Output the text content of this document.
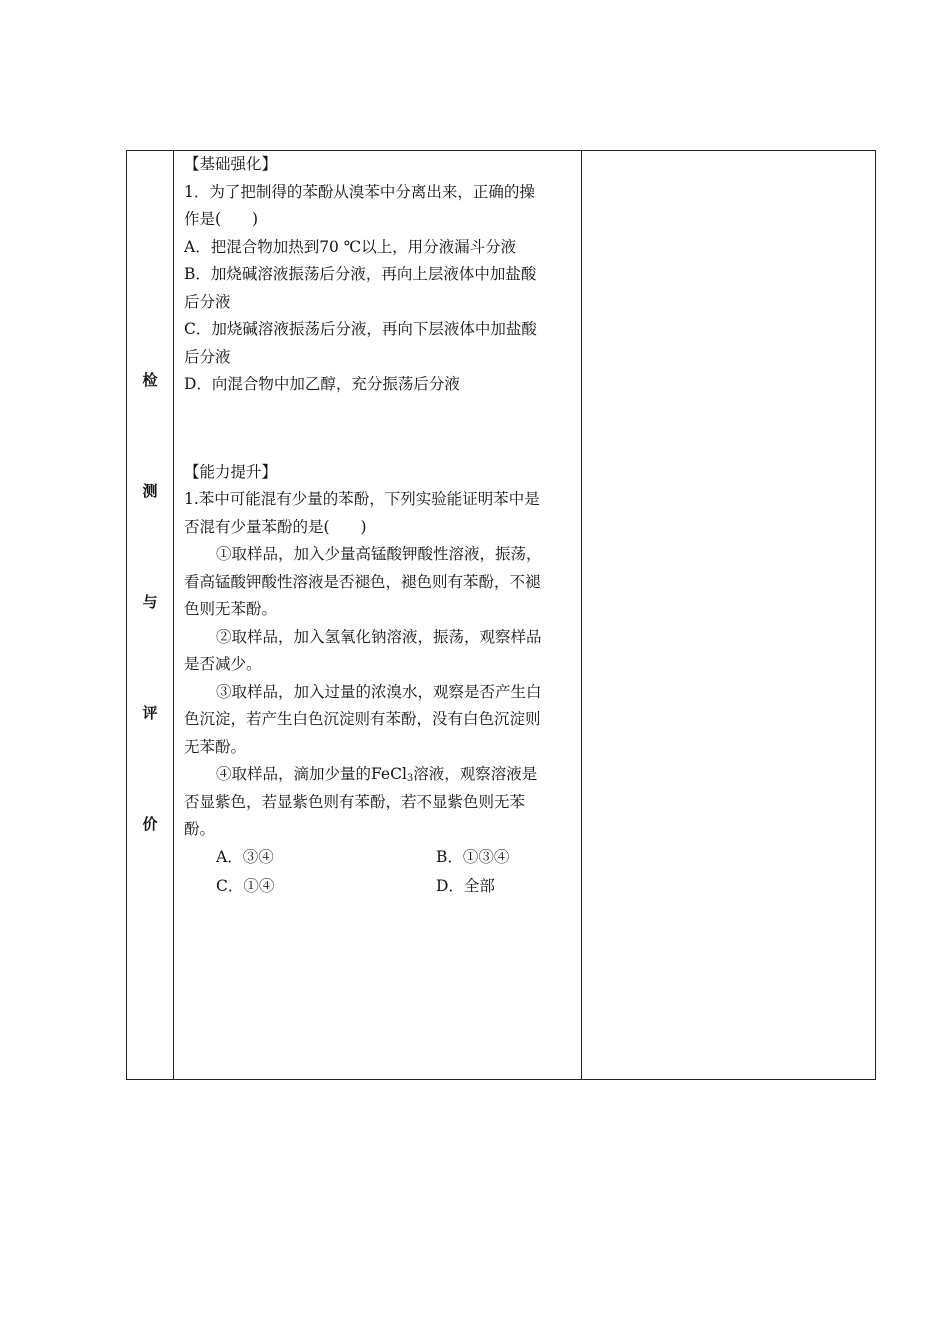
检
测
与
评
价
【基础强化】
1．为了把制得的苯酚从溴苯中分离出来，正确的操
作是(　　)
A．把混合物加热到70 ℃以上，用分液漏斗分液
B．加烧碱溶液振荡后分液，再向上层液体中加盐酸
后分液
C．加烧碱溶液振荡后分液，再向下层液体中加盐酸
后分液
D．向混合物中加乙醇，充分振荡后分液
【能力提升】
1.苯中可能混有少量的苯酚，下列实验能证明苯中是
否混有少量苯酚的是(　　)
①取样品，加入少量高锰酸钾酸性溶液，振荡，
看高锰酸钾酸性溶液是否褪色，褪色则有苯酚，不褪
色则无苯酚。
②取样品，加入氢氧化钠溶液，振荡，观察样品
是否减少。
③取样品，加入过量的浓溴水，观察是否产生白
色沉淀，若产生白色沉淀则有苯酚，没有白色沉淀则
无苯酚。
④取样品，滴加少量的FeCl$_3$溶液，观察溶液是
否显紫色，若显紫色则有苯酚，若不显紫色则无苯
酚。
A．③④	B．①③④
C．①④	D．全部
